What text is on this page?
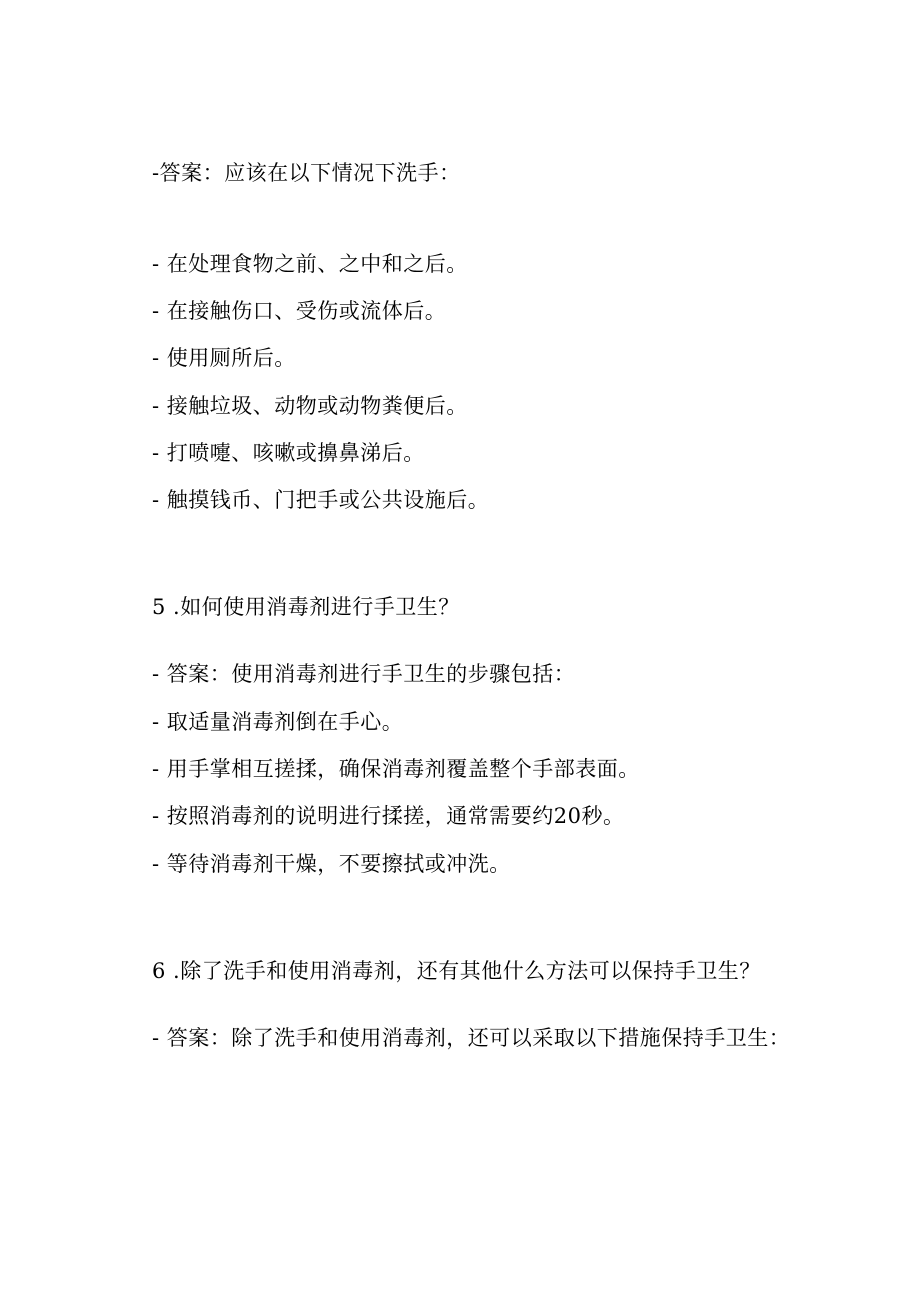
-答案：应该在以下情况下洗手：
- 在处理食物之前、之中和之后。
- 在接触伤口、受伤或流体后。
- 使用厕所后。
- 接触垃圾、动物或动物粪便后。
- 打喷嚏、咳嗽或擤鼻涕后。
- 触摸钱币、门把手或公共设施后。
5 .如何使用消毒剂进行手卫生？
- 答案：使用消毒剂进行手卫生的步骤包括：
- 取适量消毒剂倒在手心。
- 用手掌相互搓揉，确保消毒剂覆盖整个手部表面。
- 按照消毒剂的说明进行揉搓，通常需要约20秒。
- 等待消毒剂干燥，不要擦拭或冲洗。
6 .除了洗手和使用消毒剂，还有其他什么方法可以保持手卫生？
- 答案：除了洗手和使用消毒剂，还可以采取以下措施保持手卫生：
